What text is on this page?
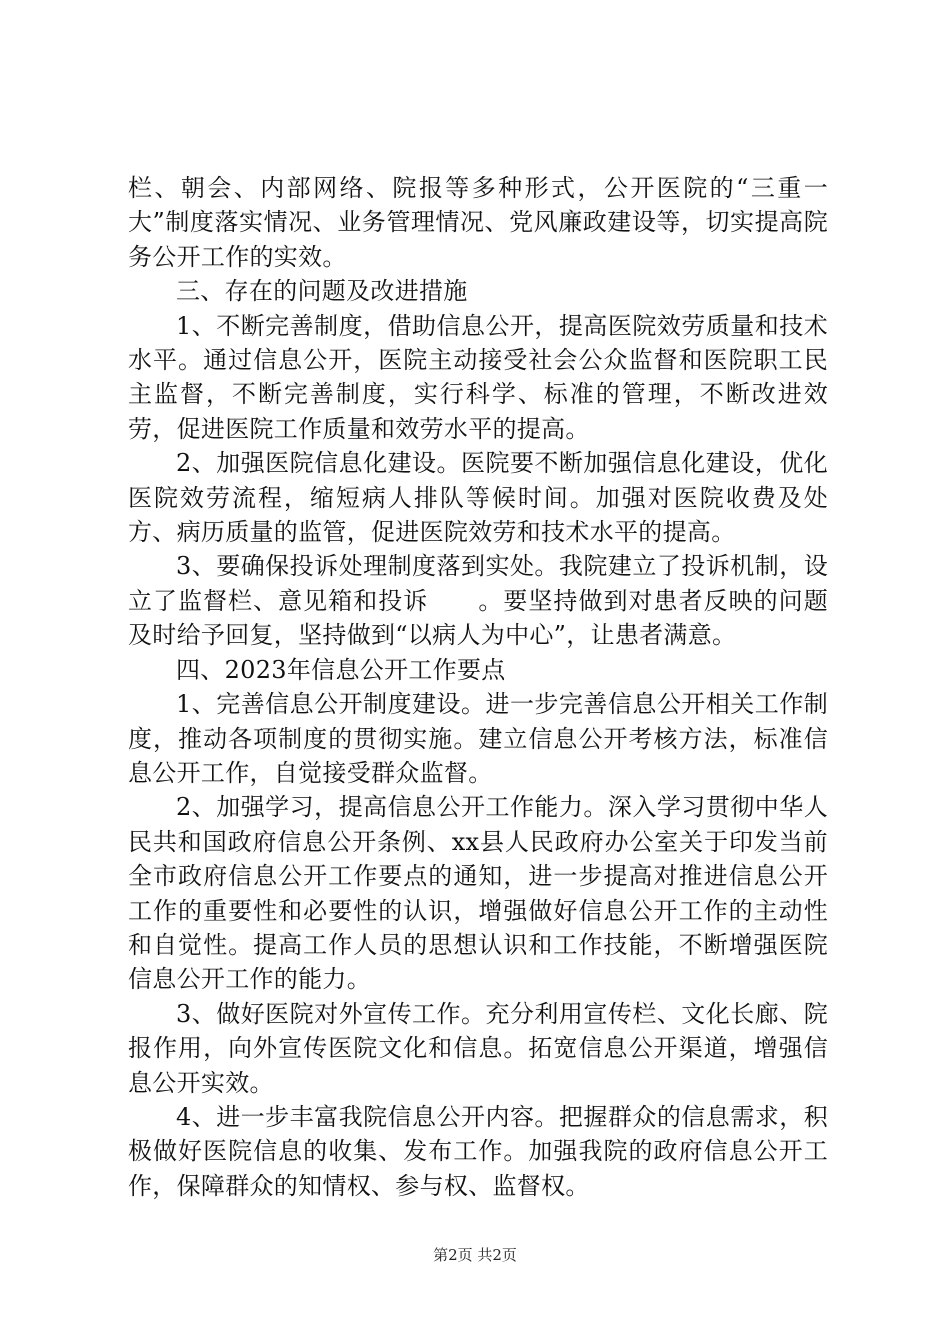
栏、朝会、内部网络、院报等多种形式，公开医院的“三重一大”制度落实情况、业务管理情况、党风廉政建设等，切实提高院务公开工作的实效。

三、存在的问题及改进措施

1、不断完善制度，借助信息公开，提高医院效劳质量和技术水平。通过信息公开，医院主动接受社会公众监督和医院职工民主监督，不断完善制度，实行科学、标准的管理，不断改进效劳，促进医院工作质量和效劳水平的提高。

2、加强医院信息化建设。医院要不断加强信息化建设，优化医院效劳流程，缩短病人排队等候时间。加强对医院收费及处方、病历质量的监管，促进医院效劳和技术水平的提高。

3、要确保投诉处理制度落到实处。我院建立了投诉机制，设立了监督栏、意见箱和投诉　　。要坚持做到对患者反映的问题及时给予回复，坚持做到“以病人为中心”，让患者满意。

四、2023年信息公开工作要点

1、完善信息公开制度建设。进一步完善信息公开相关工作制度，推动各项制度的贯彻实施。建立信息公开考核方法，标准信息公开工作，自觉接受群众监督。

2、加强学习，提高信息公开工作能力。深入学习贯彻中华人民共和国政府信息公开条例、xx县人民政府办公室关于印发当前全市政府信息公开工作要点的通知，进一步提高对推进信息公开工作的重要性和必要性的认识，增强做好信息公开工作的主动性和自觉性。提高工作人员的思想认识和工作技能，不断增强医院信息公开工作的能力。

3、做好医院对外宣传工作。充分利用宣传栏、文化长廊、院报作用，向外宣传医院文化和信息。拓宽信息公开渠道，增强信息公开实效。

4、进一步丰富我院信息公开内容。把握群众的信息需求，积极做好医院信息的收集、发布工作。加强我院的政府信息公开工作，保障群众的知情权、参与权、监督权。

第2页 共2页
